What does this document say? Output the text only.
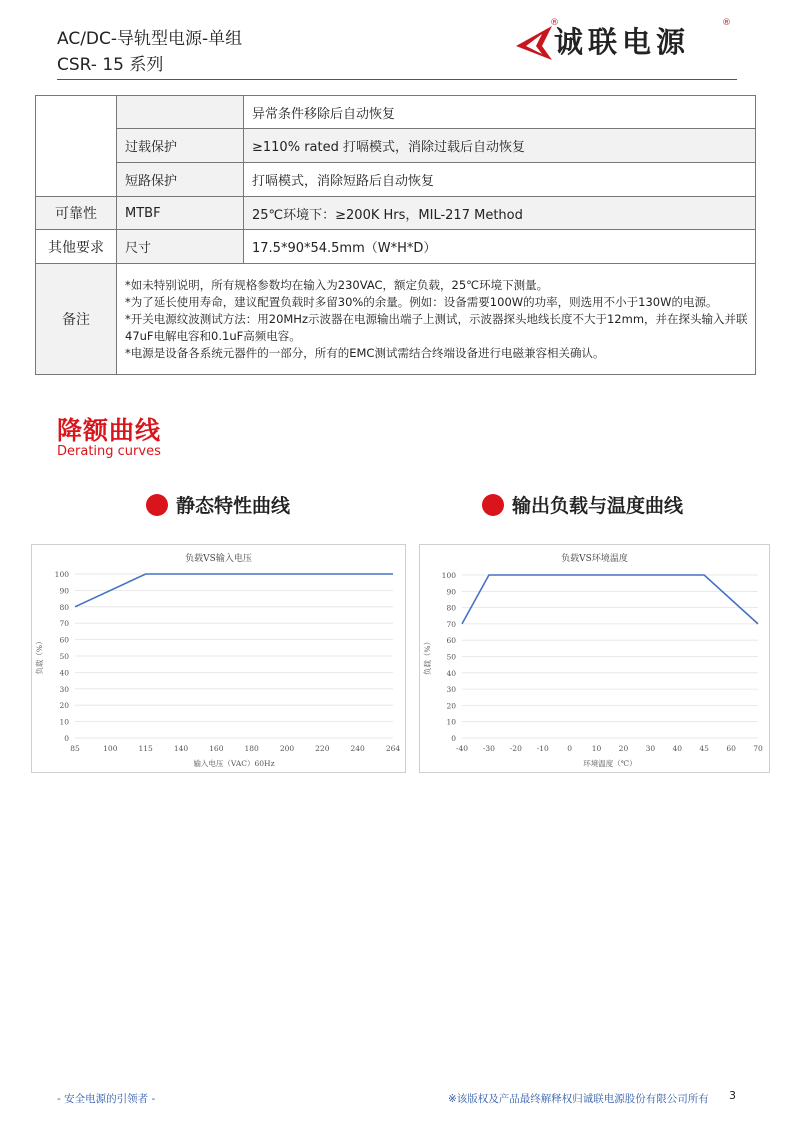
AC/DC-导轨型电源-单组
CSR- 15 系列
诚联电源
®	®
		异常条件移除后自动恢复
	过载保护	≥110% rated 打嗝模式，消除过载后自动恢复
	短路保护	打嗝模式，消除短路后自动恢复
可靠性	MTBF	25℃环境下：≥200K Hrs，MIL-217 Method
其他要求	尺寸	17.5*90*54.5mm（W*H*D）
备注	*如未特别说明，所有规格参数均在输入为230VAC，额定负载，25℃环境下测量。

*为了延长使用寿命，建议配置负载时多留30%的余量。例如：设备需要100W的功率，则选用不小于130W的电源。

*开关电源纹波测试方法：用20MHz示波器在电源输出端子上测试，示波器探头地线长度不大于12mm，并在探头输入并联47uF电解电容和0.1uF高频电容。

*电源是设备各系统元器件的一部分，所有的EMC测试需结合终端设备进行电磁兼容相关确认。	

降额曲线
Derating curves
静态特性曲线	输出负载与温度曲线
负载VS输入电压
0
10
20
30
40
50
60
70
80
90
100
85	100	115	140	160	180	200	220	240	264
输入电压（VAC）60Hz
负载（%）
负载VS环境温度
0
10
20
30
40
50
60
70
80
90
100
-40 -30 -20 -10 0	10 20 30 40 45 60 70
环境温度（℃）
负载（%）
- 安全电源的引领者 -	※该版权及产品最终解释权归诚联电源股份有限公司所有 3
